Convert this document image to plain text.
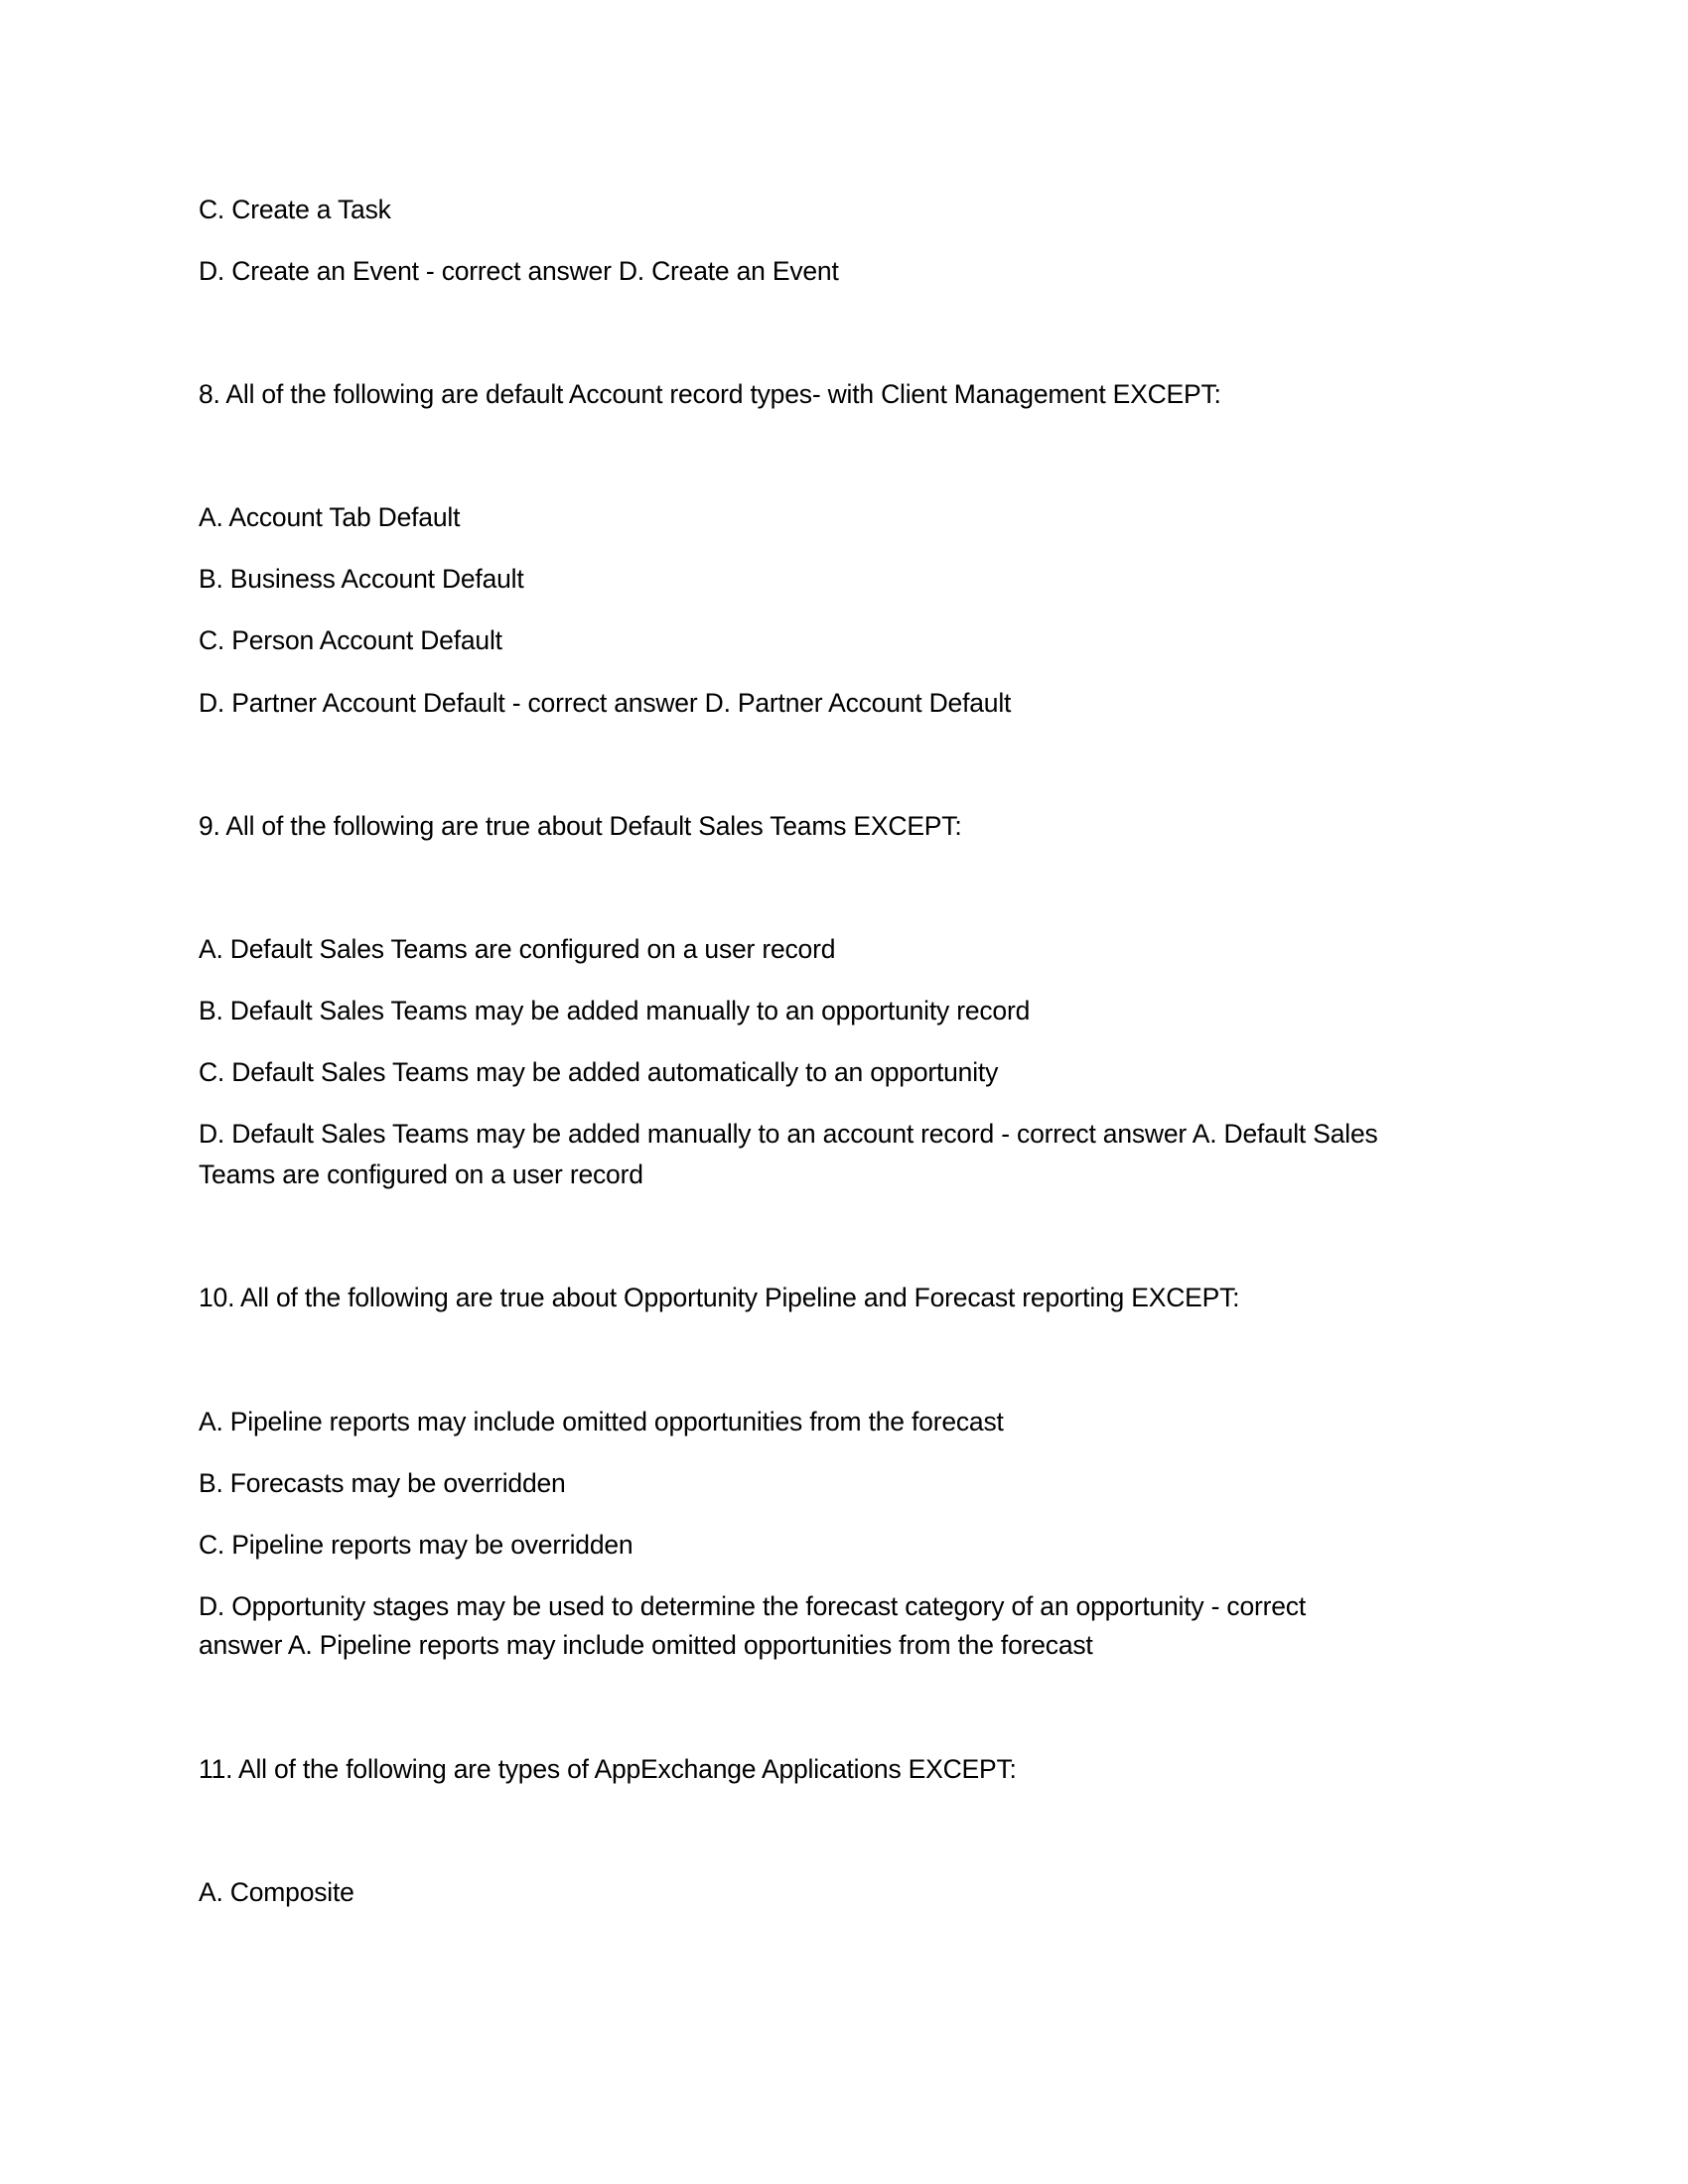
C. Create a Task
D. Create an Event - correct answer D. Create an Event
8. All of the following are default Account record types- with Client Management EXCEPT:
A. Account Tab Default
B. Business Account Default
C. Person Account Default
D. Partner Account Default - correct answer D. Partner Account Default
9. All of the following are true about Default Sales Teams EXCEPT:
A. Default Sales Teams are configured on a user record
B. Default Sales Teams may be added manually to an opportunity record
C. Default Sales Teams may be added automatically to an opportunity
D. Default Sales Teams may be added manually to an account record - correct answer A. Default Sales
Teams are configured on a user record
10. All of the following are true about Opportunity Pipeline and Forecast reporting EXCEPT:
A. Pipeline reports may include omitted opportunities from the forecast
B. Forecasts may be overridden
C. Pipeline reports may be overridden
D. Opportunity stages may be used to determine the forecast category of an opportunity - correct
answer A. Pipeline reports may include omitted opportunities from the forecast
11. All of the following are types of AppExchange Applications EXCEPT:
A. Composite
